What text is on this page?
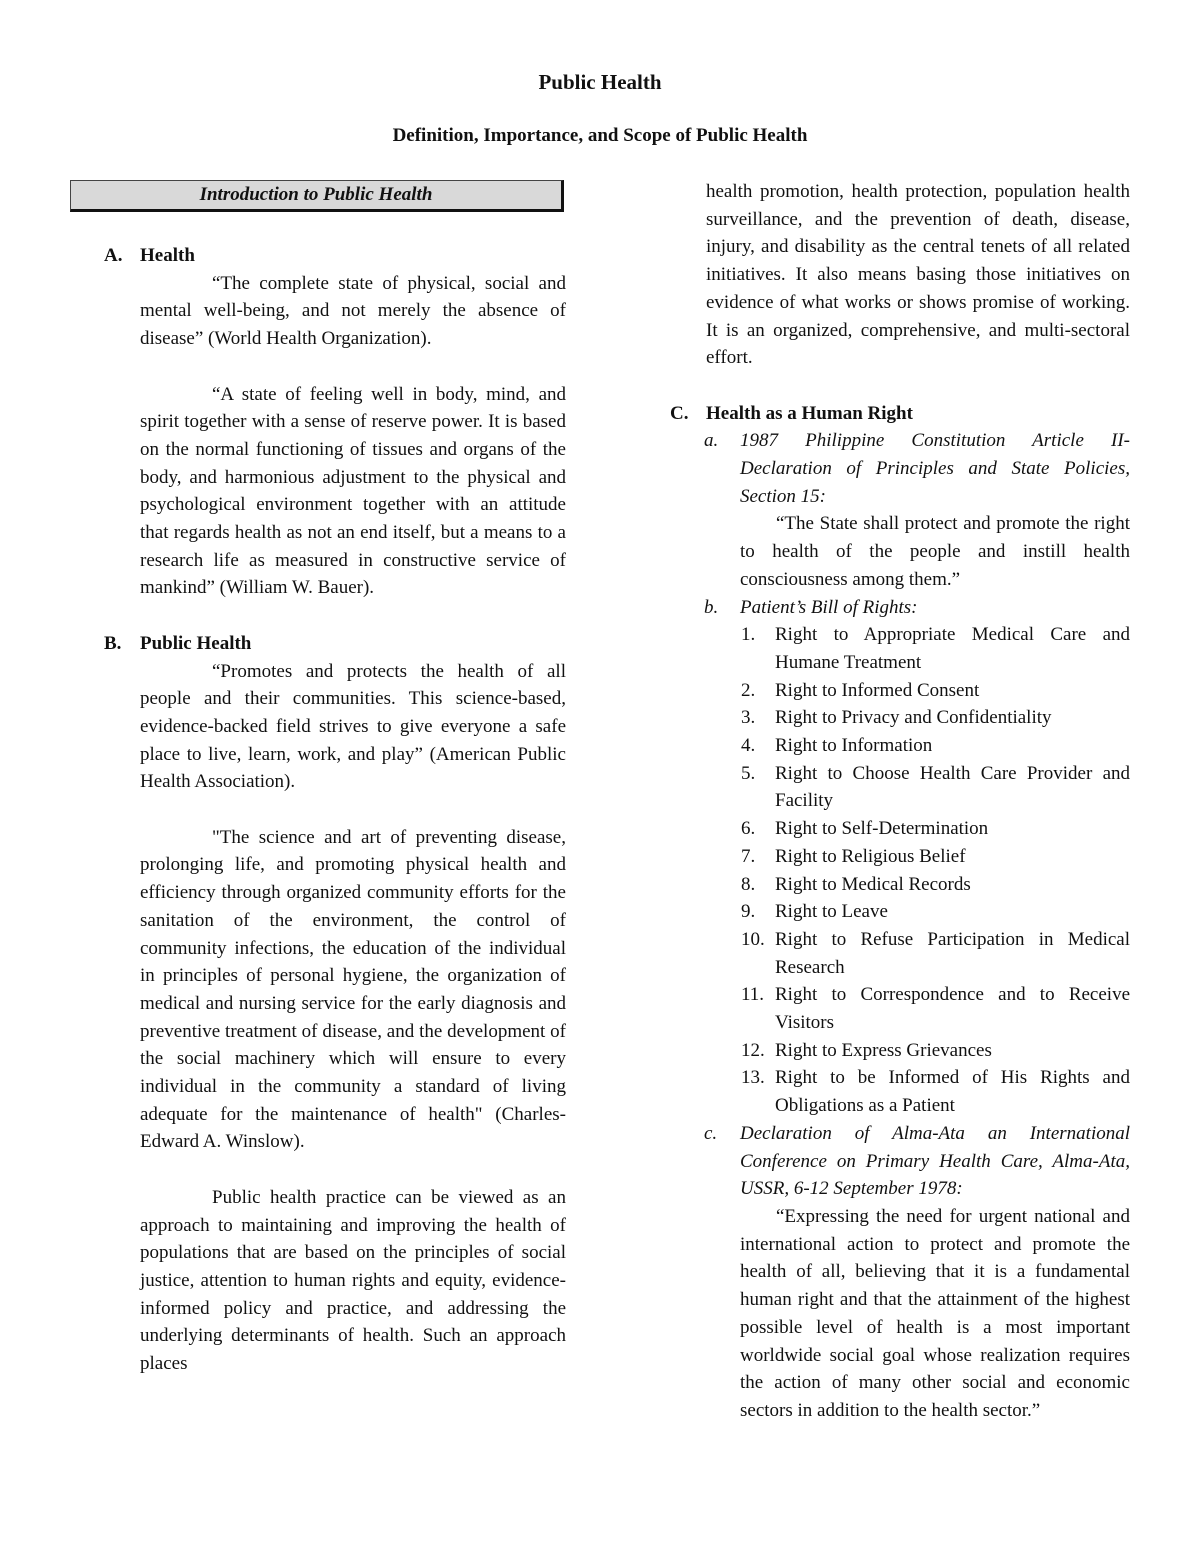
Public Health
Definition, Importance, and Scope of Public Health
Introduction to Public Health
A. Health

“The complete state of physical, social and mental well-being, and not merely the absence of disease” (World Health Organization).

“A state of feeling well in body, mind, and spirit together with a sense of reserve power. It is based on the normal functioning of tissues and organs of the body, and harmonious adjustment to the physical and psychological environment together with an attitude that regards health as not an end itself, but a means to a research life as measured in constructive service of mankind” (William W. Bauer).

B. Public Health

“Promotes and protects the health of all people and their communities. This science-based, evidence-backed field strives to give everyone a safe place to live, learn, work, and play” (American Public Health Association).

"The science and art of preventing disease, prolonging life, and promoting physical health and efficiency through organized community efforts for the sanitation of the environment, the control of community infections, the education of the individual in principles of personal hygiene, the organization of medical and nursing service for the early diagnosis and preventive treatment of disease, and the development of the social machinery which will ensure to every individual in the community a standard of living adequate for the maintenance of health" (Charles-Edward A. Winslow).

Public health practice can be viewed as an approach to maintaining and improving the health of populations that are based on the principles of social justice, attention to human rights and equity, evidence-informed policy and practice, and addressing the underlying determinants of health. Such an approach places

health promotion, health protection, population health surveillance, and the prevention of death, disease, injury, and disability as the central tenets of all related initiatives. It also means basing those initiatives on evidence of what works or shows promise of working. It is an organized, comprehensive, and multi-sectoral effort.

C. Health as a Human Right
a. 1987 Philippine Constitution Article II- Declaration of Principles and State Policies, Section 15:

“The State shall protect and promote the right to health of the people and instill health consciousness among them.”

b. Patient’s Bill of Rights:
1. Right to Appropriate Medical Care and Humane Treatment
2. Right to Informed Consent
3. Right to Privacy and Confidentiality
4. Right to Information
5. Right to Choose Health Care Provider and Facility
6. Right to Self-Determination
7. Right to Religious Belief
8. Right to Medical Records
9. Right to Leave
10. Right to Refuse Participation in Medical Research
11. Right to Correspondence and to Receive Visitors
12. Right to Express Grievances
13. Right to be Informed of His Rights and Obligations as a Patient
c. Declaration of Alma-Ata an International Conference on Primary Health Care, Alma-Ata, USSR, 6-12 September 1978:

“Expressing the need for urgent national and international action to protect and promote the health of all, believing that it is a fundamental human right and that the attainment of the highest possible level of health is a most important worldwide social goal whose realization requires the action of many other social and economic sectors in addition to the health sector.”
